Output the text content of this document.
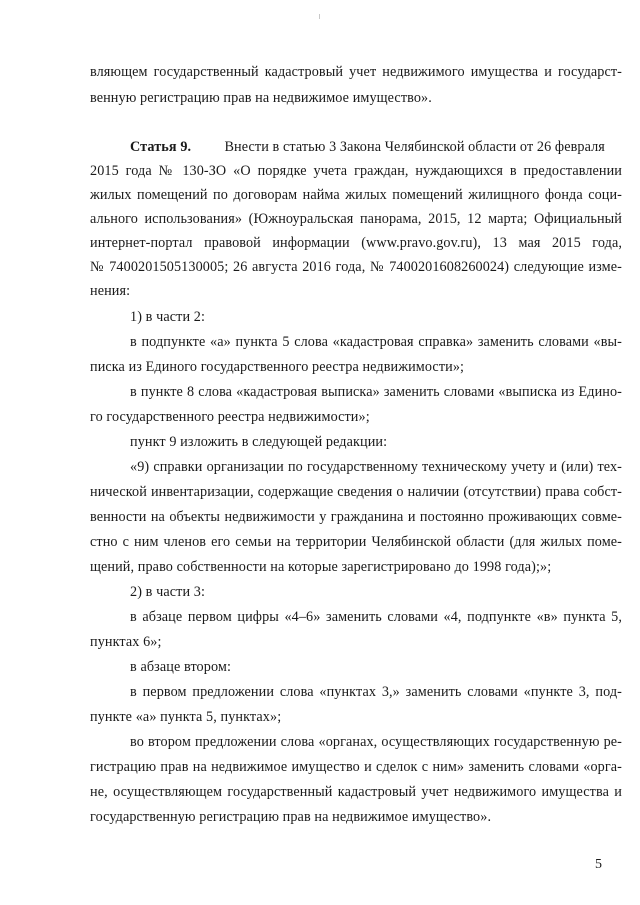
вляющем государственный кадастровый учет недвижимого имущества и государст-
венную регистрацию прав на недвижимое имущество».
Статья 9. Внести в статью 3 Закона Челябинской области от 26 февраля
2015 года № 130-ЗО «О порядке учета граждан, нуждающихся в предоставлении
жилых помещений по договорам найма жилых помещений жилищного фонда соци-
ального использования» (Южноуральская панорама, 2015, 12 марта; Официальный
интернет-портал правовой информации (www.pravo.gov.ru), 13 мая 2015 года,
№ 7400201505130005; 26 августа 2016 года, № 7400201608260024) следующие изме-
нения:
1) в части 2:
в подпункте «а» пункта 5 слова «кадастровая справка» заменить словами «вы-
писка из Единого государственного реестра недвижимости»;
в пункте 8 слова «кадастровая выписка» заменить словами «выписка из Едино-
го государственного реестра недвижимости»;
пункт 9 изложить в следующей редакции:
«9) справки организации по государственному техническому учету и (или) тех-
нической инвентаризации, содержащие сведения о наличии (отсутствии) права собст-
венности на объекты недвижимости у гражданина и постоянно проживающих совме-
стно с ним членов его семьи на территории Челябинской области (для жилых поме-
щений, право собственности на которые зарегистрировано до 1998 года);»;
2) в части 3:
в абзаце первом цифры «4–6» заменить словами «4, подпункте «в» пункта 5,
пунктах 6»;
в абзаце втором:
в первом предложении слова «пунктах 3,» заменить словами «пункте 3, под-
пункте «а» пункта 5, пунктах»;
во втором предложении слова «органах, осуществляющих государственную ре-
гистрацию прав на недвижимое имущество и сделок с ним» заменить словами «орга-
не, осуществляющем государственный кадастровый учет недвижимого имущества и
государственную регистрацию прав на недвижимое имущество».
5
